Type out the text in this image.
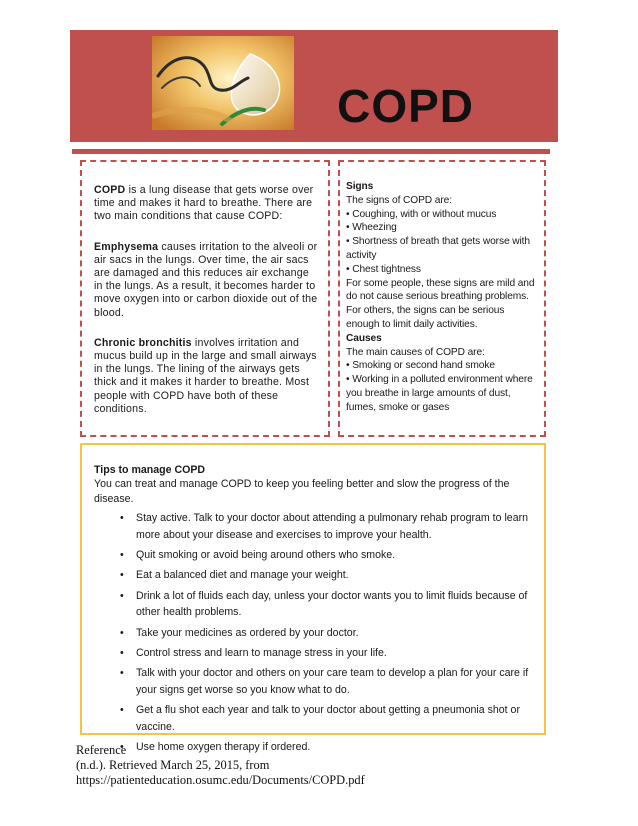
COPD

COPD is a lung disease that gets worse over time and makes it hard to breathe. There are two main conditions that cause COPD:

Emphysema causes irritation to the alveoli or air sacs in the lungs. Over time, the air sacs are damaged and this reduces air exchange in the lungs. As a result, it becomes harder to move oxygen into or carbon dioxide out of the blood.

Chronic bronchitis involves irritation and mucus build up in the large and small airways in the lungs. The lining of the airways gets thick and it makes it harder to breathe. Most people with COPD have both of these conditions.

Signs
The signs of COPD are:
• Coughing, with or without mucus
• Wheezing
• Shortness of breath that gets worse with activity
• Chest tightness
For some people, these signs are mild and do not cause serious breathing problems. For others, the signs can be serious enough to limit daily activities.
Causes
The main causes of COPD are:
• Smoking or second hand smoke
• Working in a polluted environment where you breathe in large amounts of dust, fumes, smoke or gases
Tips to manage COPD
You can treat and manage COPD to keep you feeling better and slow the progress of the disease.
• Stay active. Talk to your doctor about attending a pulmonary rehab program to learn more about your disease and exercises to improve your health.
• Quit smoking or avoid being around others who smoke.
• Eat a balanced diet and manage your weight.
• Drink a lot of fluids each day, unless your doctor wants you to limit fluids because of other health problems.
• Take your medicines as ordered by your doctor.
• Control stress and learn to manage stress in your life.
• Talk with your doctor and others on your care team to develop a plan for your care if your signs get worse so you know what to do.
• Get a flu shot each year and talk to your doctor about getting a pneumonia shot or vaccine.
• Use home oxygen therapy if ordered.
Reference
(n.d.). Retrieved March 25, 2015, from
https://patienteducation.osumc.edu/Documents/COPD.pdf
